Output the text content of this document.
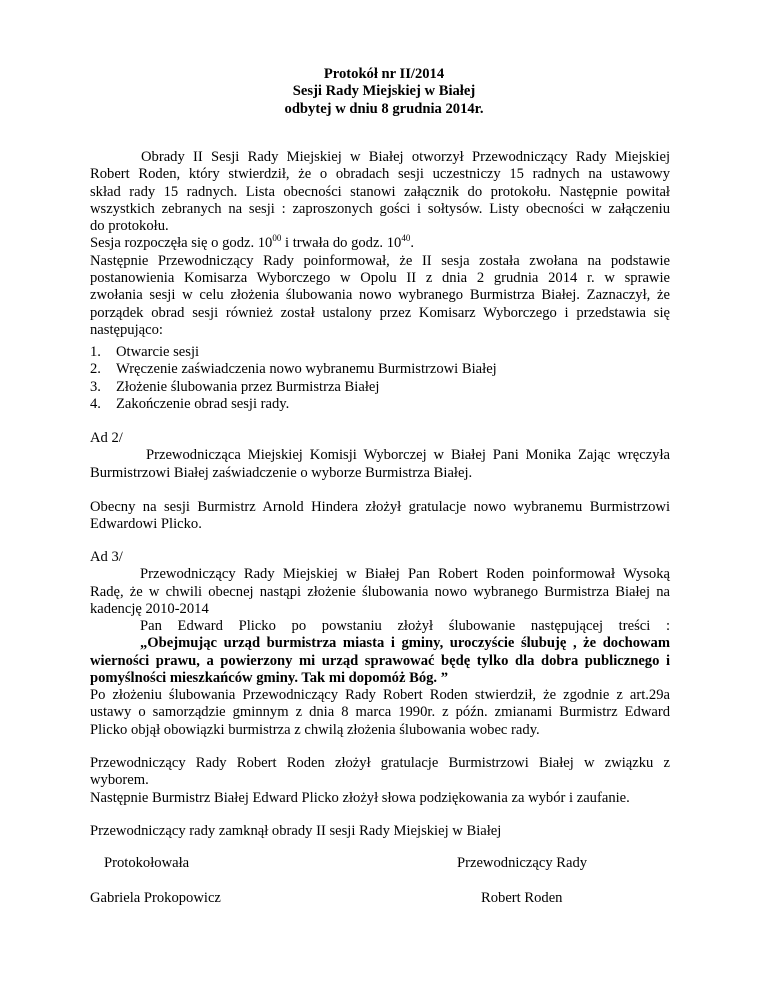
Protokół nr II/2014
Sesji Rady Miejskiej w Białej
odbytej w dniu 8 grudnia 2014r.
Obrady II Sesji Rady Miejskiej w Białej otworzył Przewodniczący Rady Miejskiej
Robert Roden, który stwierdził, że o obradach sesji uczestniczy 15 radnych na ustawowy
skład rady 15 radnych. Lista obecności stanowi załącznik do protokołu. Następnie powitał
wszystkich zebranych na sesji : zaproszonych gości i sołtysów. Listy obecności w załączeniu
do protokołu.
Sesja rozpoczęła się o godz. $10^{00}$ i trwała do godz. $10^{40}$.
Następnie Przewodniczący Rady poinformował, że II sesja została zwołana na podstawie
postanowienia Komisarza Wyborczego w Opolu II z dnia 2 grudnia 2014 r. w sprawie
zwołania sesji w celu złożenia ślubowania nowo wybranego Burmistrza Białej. Zaznaczył, że
porządek obrad sesji również został ustalony przez Komisarz Wyborczego i przedstawia się
następująco:
1. Otwarcie sesji
2. Wręczenie zaświadczenia nowo wybranemu Burmistrzowi Białej
3. Złożenie ślubowania przez Burmistrza Białej
4. Zakończenie obrad sesji rady.
Ad 2/
Przewodnicząca Miejskiej Komisji Wyborczej w Białej Pani Monika Zając wręczyła
Burmistrzowi Białej zaświadczenie o wyborze Burmistrza Białej.
Obecny na sesji Burmistrz Arnold Hindera złożył gratulacje nowo wybranemu Burmistrzowi
Edwardowi Plicko.
Ad 3/
Przewodniczący Rady Miejskiej w Białej Pan Robert Roden poinformował Wysoką
Radę, że w chwili obecnej nastąpi złożenie ślubowania nowo wybranego Burmistrza Białej na
kadencję 2010-2014
Pan Edward Plicko po powstaniu złożył ślubowanie następującej treści :
„Obejmując urząd burmistrza miasta i gminy, uroczyście ślubuję , że dochowam
wierności prawu, a powierzony mi urząd sprawować będę tylko dla dobra publicznego i
pomyślności mieszkańców gminy. Tak mi dopomóż Bóg. ”
Po złożeniu ślubowania Przewodniczący Rady Robert Roden stwierdził, że zgodnie z art.29a
ustawy o samorządzie gminnym z dnia 8 marca 1990r. z późn. zmianami Burmistrz Edward
Plicko objął obowiązki burmistrza z chwilą złożenia ślubowania wobec rady.
Przewodniczący Rady Robert Roden złożył gratulacje Burmistrzowi Białej w związku z
wyborem.
Następnie Burmistrz Białej Edward Plicko złożył słowa podziękowania za wybór i zaufanie.
Przewodniczący rady zamknął obrady II sesji Rady Miejskiej w Białej
Protokołowała	Przewodniczący Rady
Gabriela Prokopowicz	Robert Roden
